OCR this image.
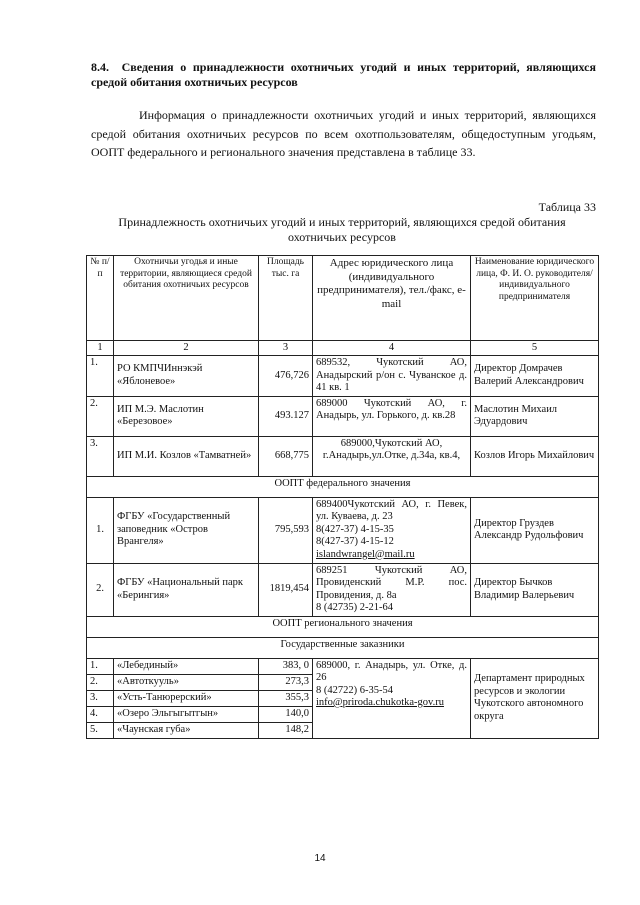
8.4. Сведения о принадлежности охотничьих угодий и иных территорий, являющихся средой обитания охотничьих ресурсов
Информация о принадлежности охотничьих угодий и иных территорий, являющихся средой обитания охотничьих ресурсов по всем охотпользователям, общедоступным угодьям, ООПТ федерального и регионального значения представлена в таблице 33.
Таблица 33
Принадлежность охотничьих угодий и иных территорий, являющихся средой обитания охотничьих ресурсов
№ п/п	Охотничьи угодья и иные территории, являющиеся средой обитания охотничьих ресурсов	Площадь тыс. га	Адрес юридического лица (индивидуального предпринимателя), тел./факс, e-mail	Наименование юридического лица, Ф. И. О. руководителя/ индивидуального предпринимателя
1	2	3	4	5
1.	РО КМПЧИннэкэй «Яблоневое»	476,726	689532, Чукотский АО, Анадырский р/он с. Чуванское д. 41 кв. 1	Директор Домрачев Валерий Александрович
2.	ИП М.Э. Маслотин «Березовое»	493.127	689000 Чукотский АО, г. Анадырь, ул. Горького, д. кв.28	Маслотин Михаил Эдуардович
3.	ИП М.И. Козлов «Тамватней»	668,775	689000,Чукотский АО, г.Анадырь,ул.Отке, д.34а, кв.4,	Козлов Игорь Михайлович
ООПТ федерального значения				
1.	ФГБУ «Государственный заповедник «Остров Врангеля»	795,593	689400Чукотский АО, г. Певек, ул. Куваева, д. 23
8(427-37) 4-15-35
8(427-37) 4-15-12
islandwrangel@mail.ru	Директор Груздев Александр Рудольфович
2.	ФГБУ «Национальный парк «Берингия»	1819,454	689251 Чукотский АО, Провиденский М.Р. пос. Провидения, д. 8а
8 (42735) 2-21-64	Директор Бычков Владимир Валерьевич
ООПТ регионального значения				
Государственные заказники				
1.	«Лебединый»	383, 0	689000, г. Анадырь, ул. Отке, д. 26
8 (42722) 6-35-54
info@priroda.chukotka-gov.ru	Департамент природных ресурсов и экологии Чукотского автономного округа
2.	«Автоткууль»	273,3		
3.	«Усть-Танюрерский»	355,3		
4.	«Озеро Эльгыгытгын»	140,0		
5.	«Чаунская губа»	148,2		
14
